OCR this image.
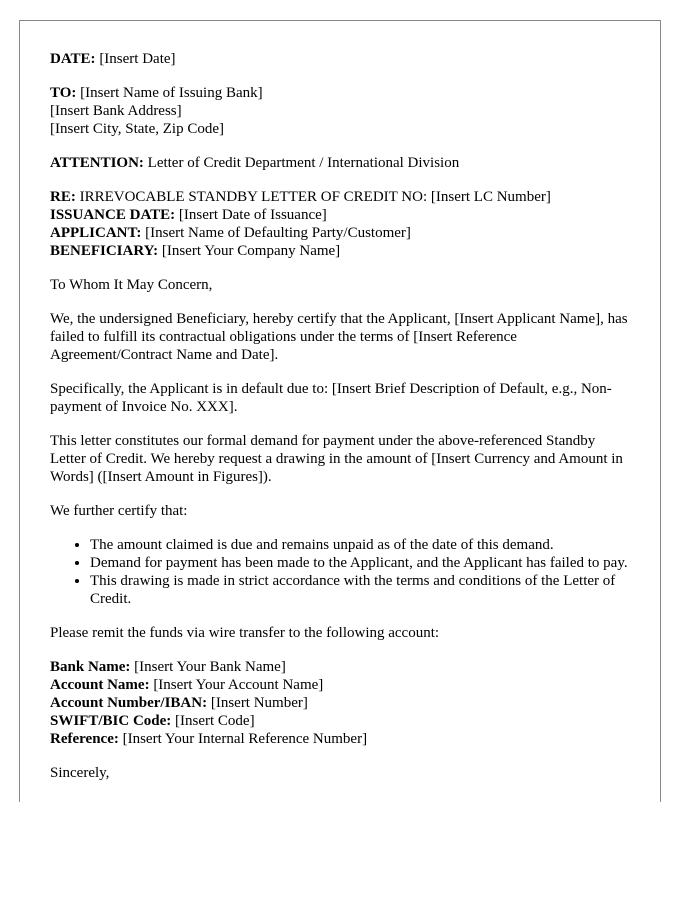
DATE: [Insert Date]

TO: [Insert Name of Issuing Bank]
[Insert Bank Address]
[Insert City, State, Zip Code]

ATTENTION: Letter of Credit Department / International Division

RE: IRREVOCABLE STANDBY LETTER OF CREDIT NO: [Insert LC Number]
ISSUANCE DATE: [Insert Date of Issuance]
APPLICANT: [Insert Name of Defaulting Party/Customer]
BENEFICIARY: [Insert Your Company Name]

To Whom It May Concern,

We, the undersigned Beneficiary, hereby certify that the Applicant, [Insert Applicant Name], has failed to fulfill its contractual obligations under the terms of [Insert Reference Agreement/Contract Name and Date].

Specifically, the Applicant is in default due to: [Insert Brief Description of Default, e.g., Non-payment of Invoice No. XXX].

This letter constitutes our formal demand for payment under the above-referenced Standby Letter of Credit. We hereby request a drawing in the amount of [Insert Currency and Amount in Words] ([Insert Amount in Figures]).

We further certify that:

• The amount claimed is due and remains unpaid as of the date of this demand.
• Demand for payment has been made to the Applicant, and the Applicant has failed to pay.
• This drawing is made in strict accordance with the terms and conditions of the Letter of Credit.

Please remit the funds via wire transfer to the following account:

Bank Name: [Insert Your Bank Name]
Account Name: [Insert Your Account Name]
Account Number/IBAN: [Insert Number]
SWIFT/BIC Code: [Insert Code]
Reference: [Insert Your Internal Reference Number]

Sincerely,
